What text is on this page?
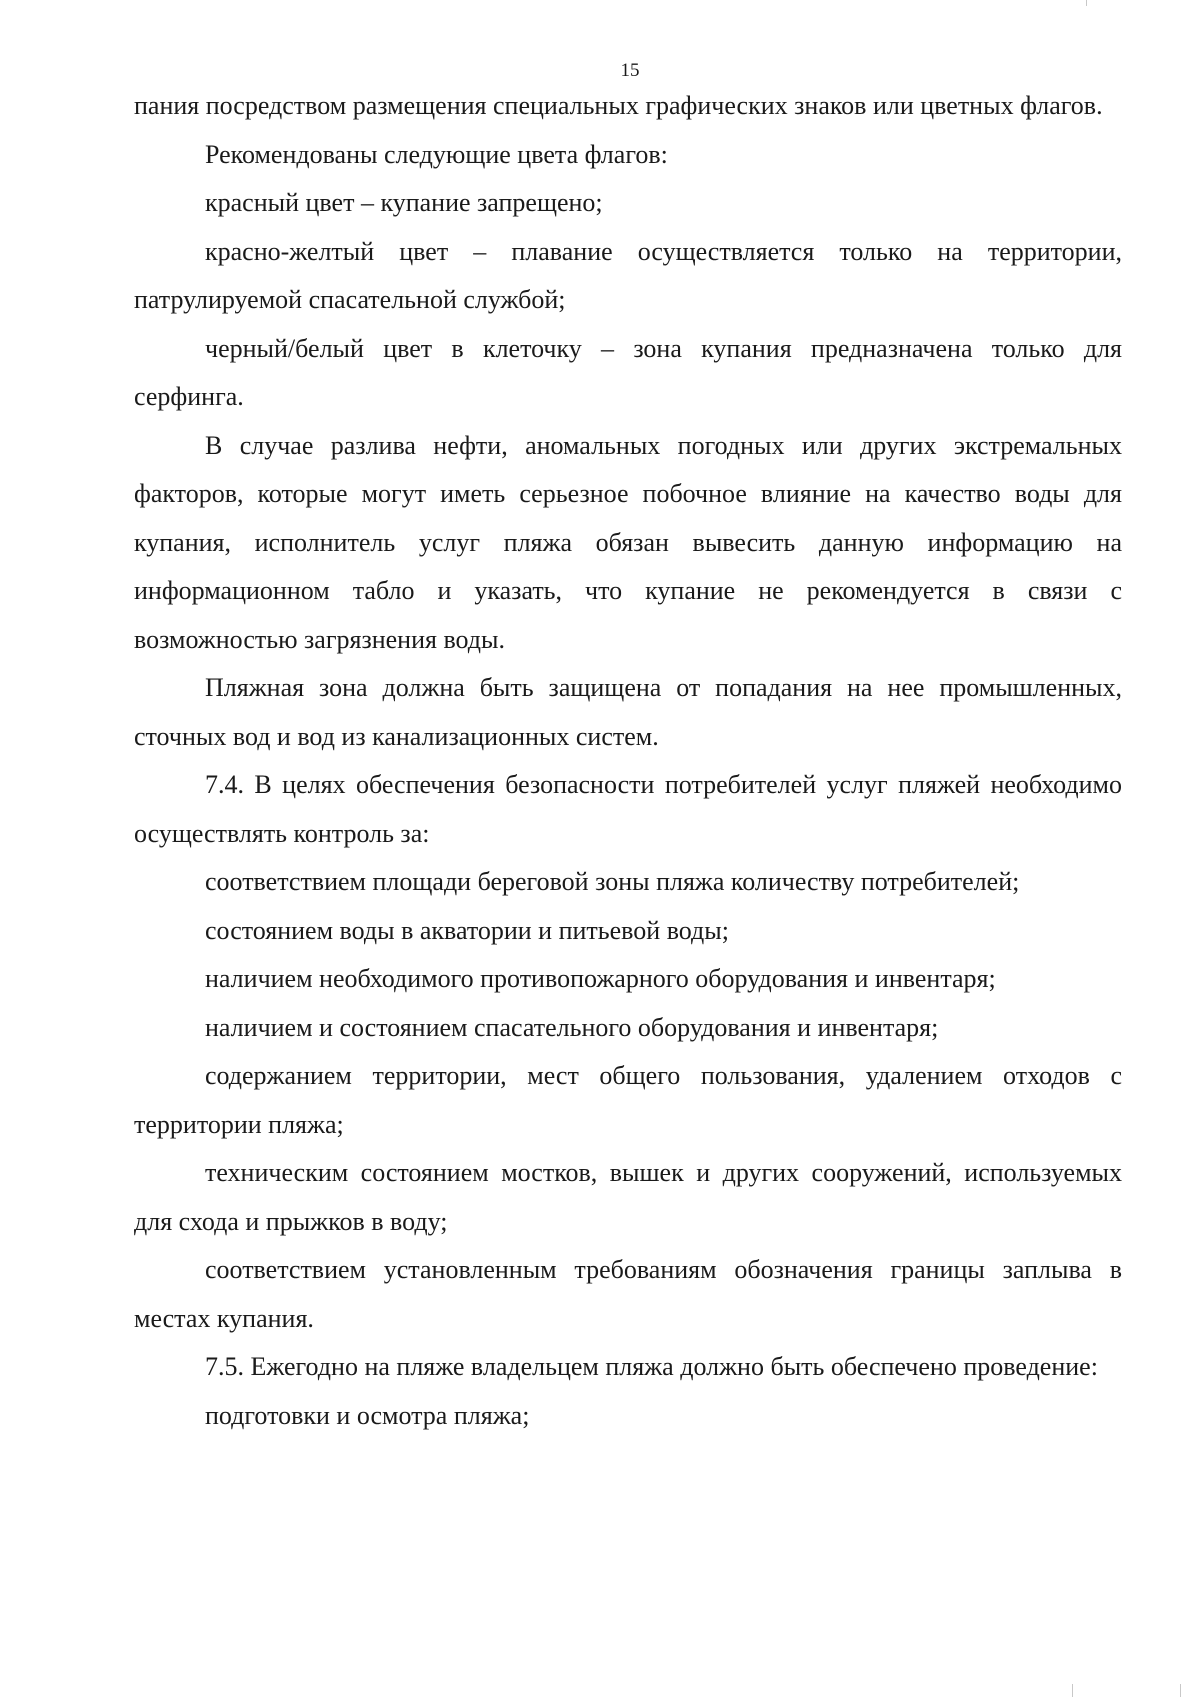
15

пания посредством размещения специальных графических знаков или цветных флагов.

Рекомендованы следующие цвета флагов:

красный цвет – купание запрещено;

красно-желтый цвет – плавание осуществляется только на территории, патрулируемой спасательной службой;

черный/белый цвет в клеточку – зона купания предназначена только для серфинга.

В случае разлива нефти, аномальных погодных или других экстремальных факторов, которые могут иметь серьезное побочное влияние на качество воды для купания, исполнитель услуг пляжа обязан вывесить данную информацию на информационном табло и указать, что купание не рекомендуется в связи с возможностью загрязнения воды.

Пляжная зона должна быть защищена от попадания на нее промышленных, сточных вод и вод из канализационных систем.

7.4. В целях обеспечения безопасности потребителей услуг пляжей необходимо осуществлять контроль за:

соответствием площади береговой зоны пляжа количеству потребителей;

состоянием воды в акватории и питьевой воды;

наличием необходимого противопожарного оборудования и инвентаря;

наличием и состоянием спасательного оборудования и инвентаря;

содержанием территории, мест общего пользования, удалением отходов с территории пляжа;

техническим состоянием мостков, вышек и других сооружений, используемых для схода и прыжков в воду;

соответствием установленным требованиям обозначения границы заплыва в местах купания.

7.5. Ежегодно на пляже владельцем пляжа должно быть обеспечено проведение:

подготовки и осмотра пляжа;
